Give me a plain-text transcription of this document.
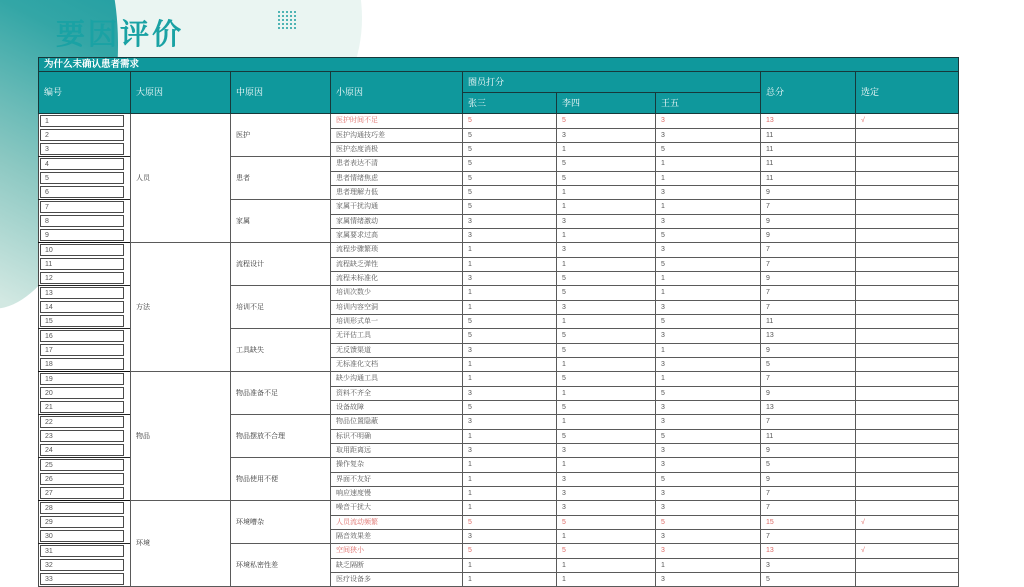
要因评价
为什么未确认患者需求								
编号	大原因	中原因	小原因	圈员打分			总分	选定
				张三	李四	王五		

1	人员	医护	医护时间不足	5	5	3	13	√

2			医护沟通技巧差	5	3	3	11	

3			医护态度消极	5	1	5	11	

4		患者	患者表达不清	5	5	1	11	

5			患者情绪焦虑	5	5	1	11	

6			患者理解力低	5	1	3	9	

7		家属	家属干扰沟通	5	1	1	7	

8			家属情绪激动	3	3	3	9	

9			家属要求过高	3	1	5	9	

10	方法	流程设计	流程步骤繁琐	1	3	3	7	

11			流程缺乏弹性	1	1	5	7	

12			流程未标准化	3	5	1	9	

13		培训不足	培训次数少	1	5	1	7	

14			培训内容空洞	1	3	3	7	

15			培训形式单一	5	1	5	11	

16		工具缺失	无评估工具	5	5	3	13	

17			无反馈渠道	3	5	1	9	

18			无标准化文档	1	1	3	5	

19	物品	物品准备不足	缺少沟通工具	1	5	1	7	

20			资料不齐全	3	1	5	9	

21			设备故障	5	5	3	13	

22		物品摆放不合理	物品位置隐蔽	3	1	3	7	

23			标识不明确	1	5	5	11	

24			取用距离远	3	3	3	9	

25		物品使用不便	操作复杂	1	1	3	5	

26			界面不友好	1	3	5	9	

27			响应速度慢	1	3	3	7	

28	环境	环境嘈杂	噪音干扰大	1	3	3	7	

29			人员流动频繁	5	5	5	15	√

30			隔音效果差	3	1	3	7	

31		环境私密性差	空间狭小	5	5	3	13	√

32			缺乏隔断	1	1	1	3	

33			医疗设备多	1	1	3	5	
